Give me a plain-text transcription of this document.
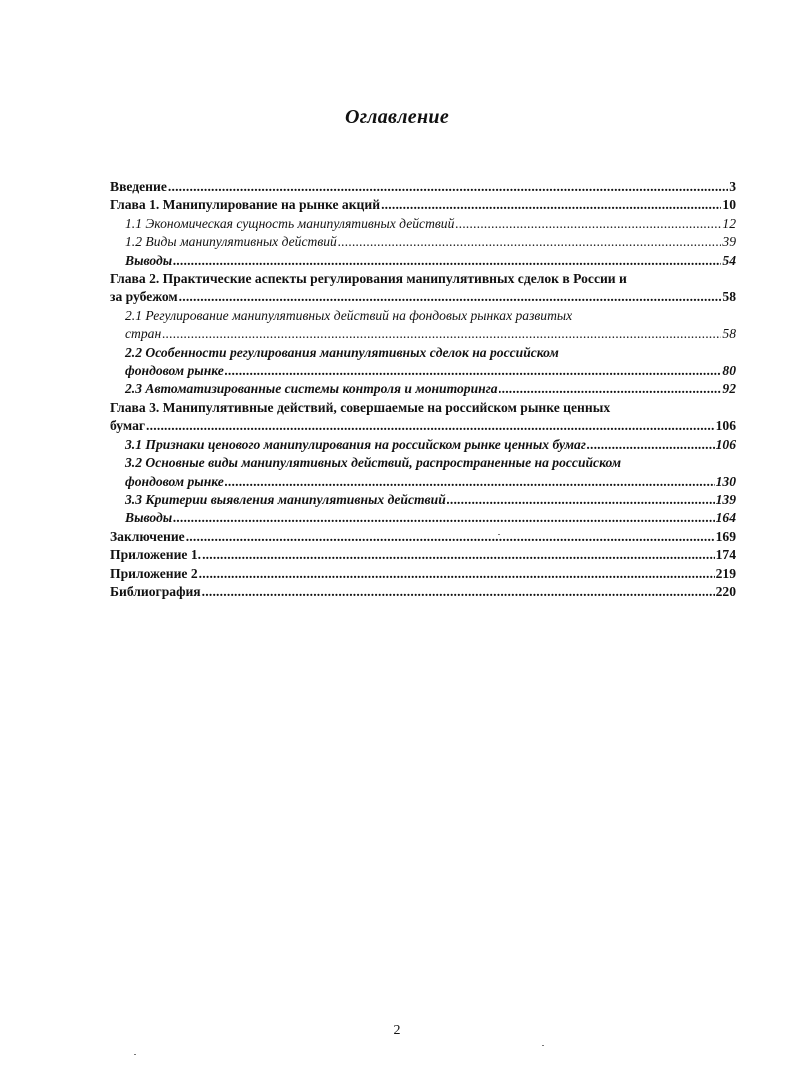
Оглавление
Введение .....	3
Глава 1. Манипулирование на рынке акций .....	10
1.1 Экономическая сущность манипулятивных действий .....	12
1.2 Виды манипулятивных действий .....	39
Выводы .....	54
Глава 2. Практические аспекты регулирования манипулятивных сделок в России и
за рубежом .....	58
2.1 Регулирование манипулятивных действий на фондовых рынках развитых
стран .....	58
2.2 Особенности регулирования манипулятивных сделок на российском
фондовом рынке .....	80
2.3 Автоматизированные системы контроля и мониторинга .....	92
Глава 3. Манипулятивные действий, совершаемые на российском рынке ценных
бумаг .....	106
3.1 Признаки ценового манипулирования на российском рынке ценных бумаг .....	106
3.2 Основные виды манипулятивных действий, распространенные на российском
фондовом рынке .....	130
3.3 Критерии выявления манипулятивных действий .....	139
Выводы .....	164
Заключение .....	169
Приложение 1. .....	174
Приложение 2 .....	219
Библиография .....	220
2
